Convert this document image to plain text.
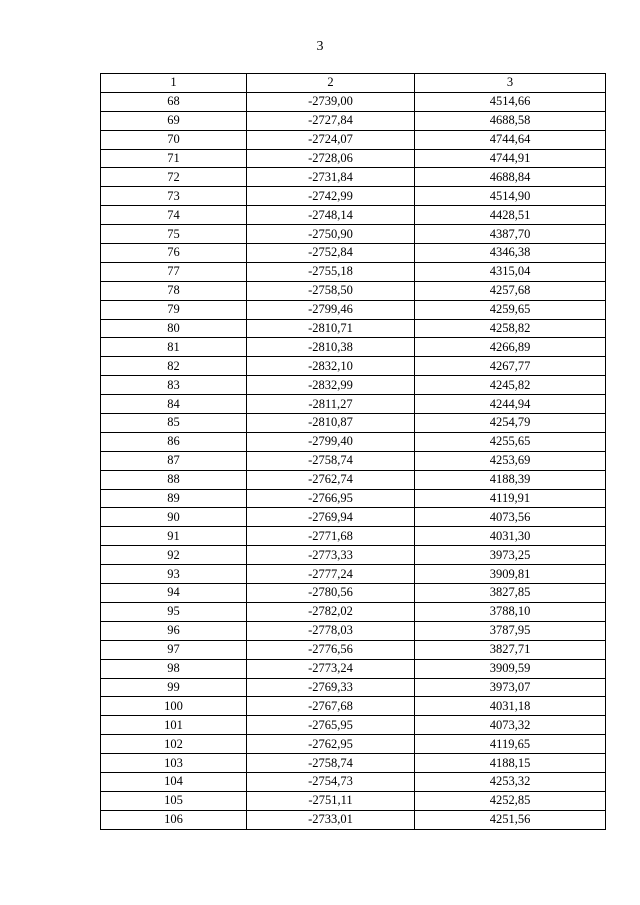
3
1	2	3
68	-2739,00	4514,66
69	-2727,84	4688,58
70	-2724,07	4744,64
71	-2728,06	4744,91
72	-2731,84	4688,84
73	-2742,99	4514,90
74	-2748,14	4428,51
75	-2750,90	4387,70
76	-2752,84	4346,38
77	-2755,18	4315,04
78	-2758,50	4257,68
79	-2799,46	4259,65
80	-2810,71	4258,82
81	-2810,38	4266,89
82	-2832,10	4267,77
83	-2832,99	4245,82
84	-2811,27	4244,94
85	-2810,87	4254,79
86	-2799,40	4255,65
87	-2758,74	4253,69
88	-2762,74	4188,39
89	-2766,95	4119,91
90	-2769,94	4073,56
91	-2771,68	4031,30
92	-2773,33	3973,25
93	-2777,24	3909,81
94	-2780,56	3827,85
95	-2782,02	3788,10
96	-2778,03	3787,95
97	-2776,56	3827,71
98	-2773,24	3909,59
99	-2769,33	3973,07
100	-2767,68	4031,18
101	-2765,95	4073,32
102	-2762,95	4119,65
103	-2758,74	4188,15
104	-2754,73	4253,32
105	-2751,11	4252,85
106	-2733,01	4251,56
